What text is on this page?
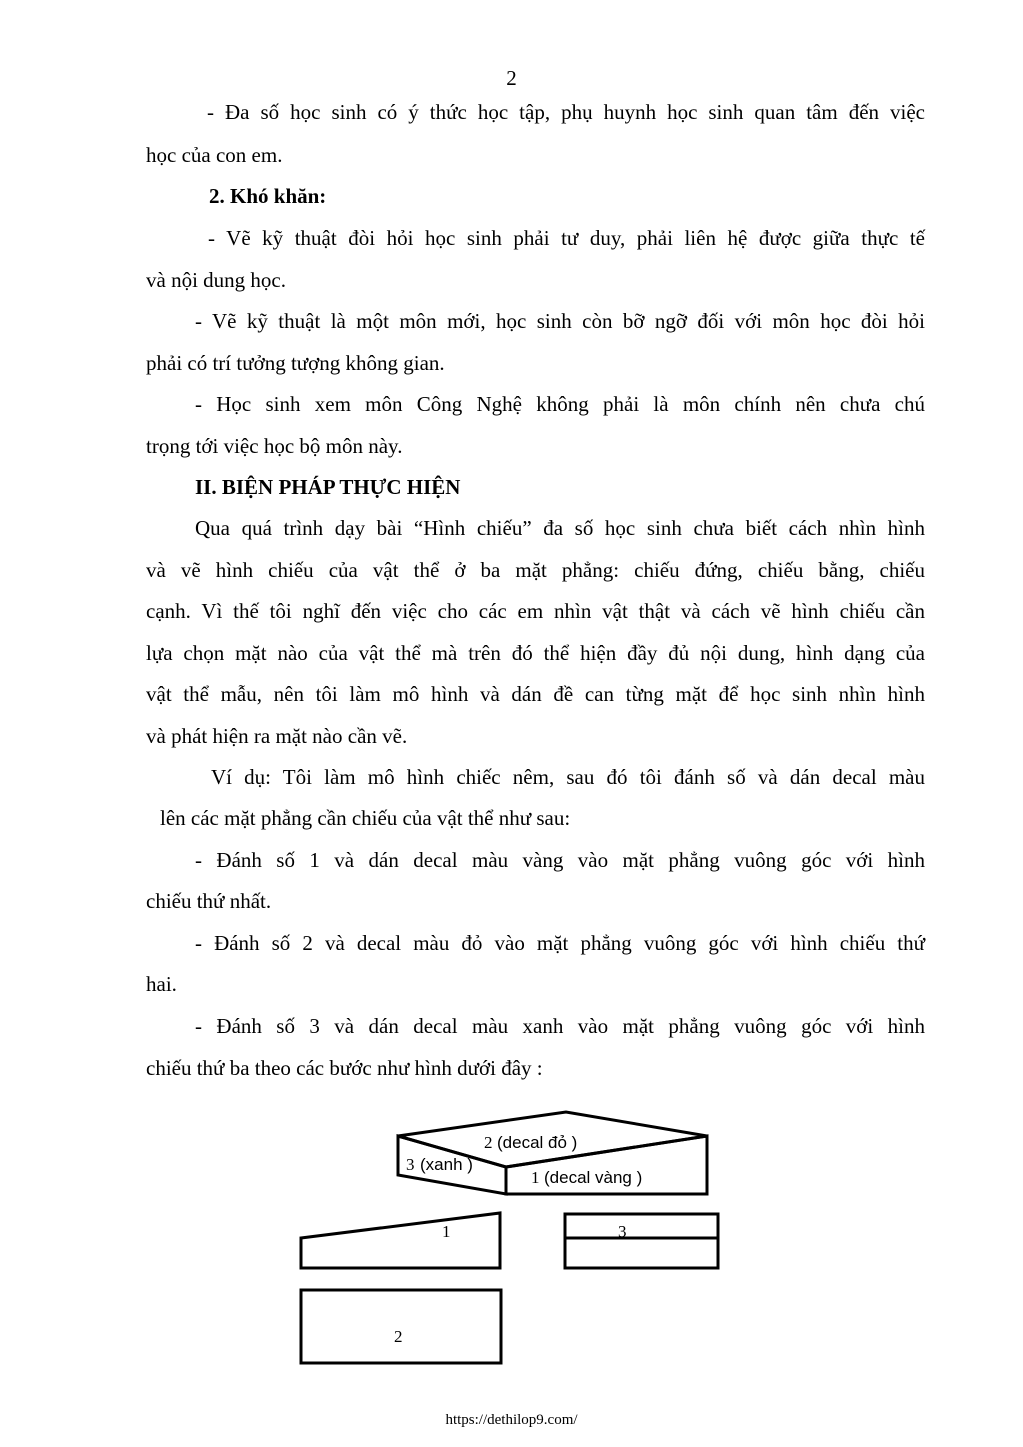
2
- Đa số học sinh có ý thức học tập, phụ huynh học sinh quan tâm đến việc
học của con em.
2. Khó khăn:
- Vẽ kỹ thuật đòi hỏi học sinh phải tư duy, phải liên hệ được giữa thực tế
và nội dung học.
- Vẽ kỹ thuật là một môn mới, học sinh còn bỡ ngỡ đối với môn học đòi hỏi
phải có trí tưởng tượng không gian.
- Học sinh xem môn Công Nghệ không phải là môn chính nên chưa chú
trọng tới việc học bộ môn này.
II. BIỆN PHÁP THỰC HIỆN
Qua quá trình dạy bài “Hình chiếu” đa số học sinh chưa biết cách nhìn hình
và vẽ hình chiếu của vật thể ở ba mặt phẳng: chiếu đứng, chiếu bằng, chiếu
cạnh. Vì thế tôi nghĩ đến việc cho các em nhìn vật thật và cách vẽ hình chiếu cần
lựa chọn mặt nào của vật thể mà trên đó thể hiện đầy đủ nội dung, hình dạng của
vật thể mẫu, nên tôi làm mô hình và dán đề can từng mặt để học sinh nhìn hình
và phát hiện ra mặt nào cần vẽ.
Ví dụ: Tôi làm mô hình chiếc nêm, sau đó tôi đánh số và dán decal màu
lên các mặt phẳng cần chiếu của vật thể như sau:
- Đánh số 1 và dán decal màu vàng vào mặt phẳng vuông góc với hình
chiếu thứ nhất.
- Đánh số 2 và decal màu đỏ vào mặt phẳng vuông góc với hình chiếu thứ
hai.
- Đánh số 3 và dán decal màu xanh vào mặt phẳng vuông góc với hình
chiếu thứ ba theo các bước như hình dưới đây :
2 (decal đỏ )
3 (xanh )
1 (decal vàng )
1	3
2
https://dethilop9.com/
